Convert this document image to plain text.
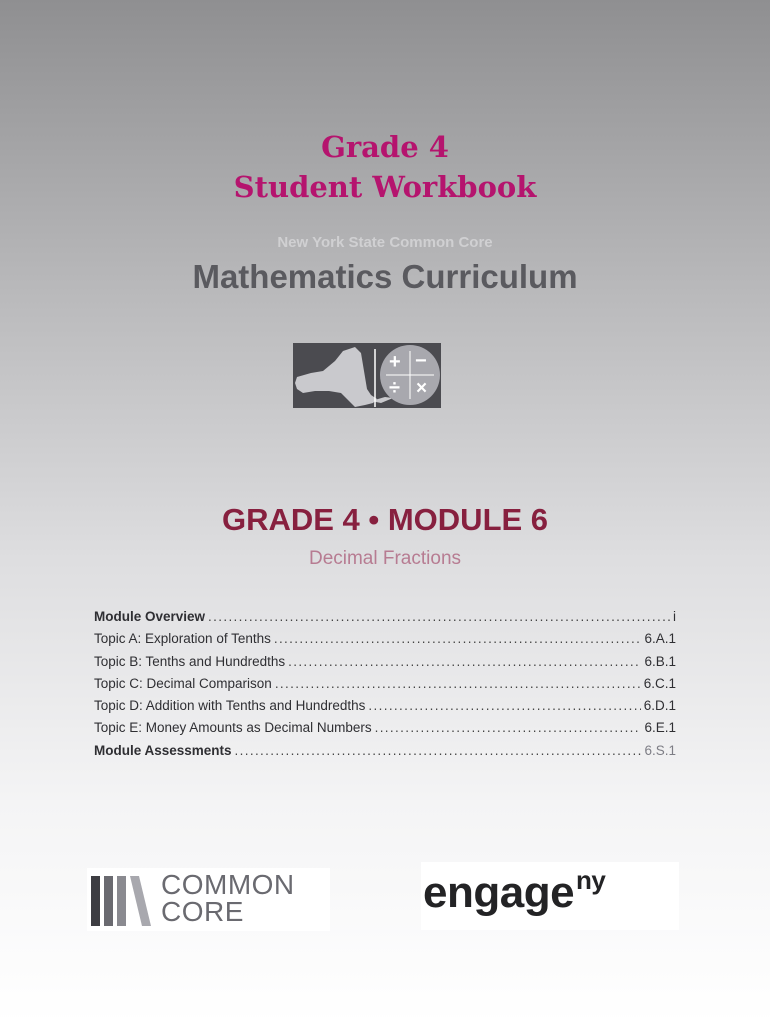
Grade 4
Student Workbook
New York State Common Core
Mathematics Curriculum
+ −
÷ ×
GRADE 4 • MODULE 6
Decimal Fractions
Module Overview . . .	i
Topic A: Exploration of Tenths . . .	6.A.1
Topic B: Tenths and Hundredths . . .	6.B.1
Topic C: Decimal Comparison . . .	6.C.1
Topic D: Addition with Tenths and Hundredths . . .	6.D.1
Topic E: Money Amounts as Decimal Numbers . . .	6.E.1
Module Assessments . . .	6.S.1
COMMON
CORE	engage$^{ny}$
